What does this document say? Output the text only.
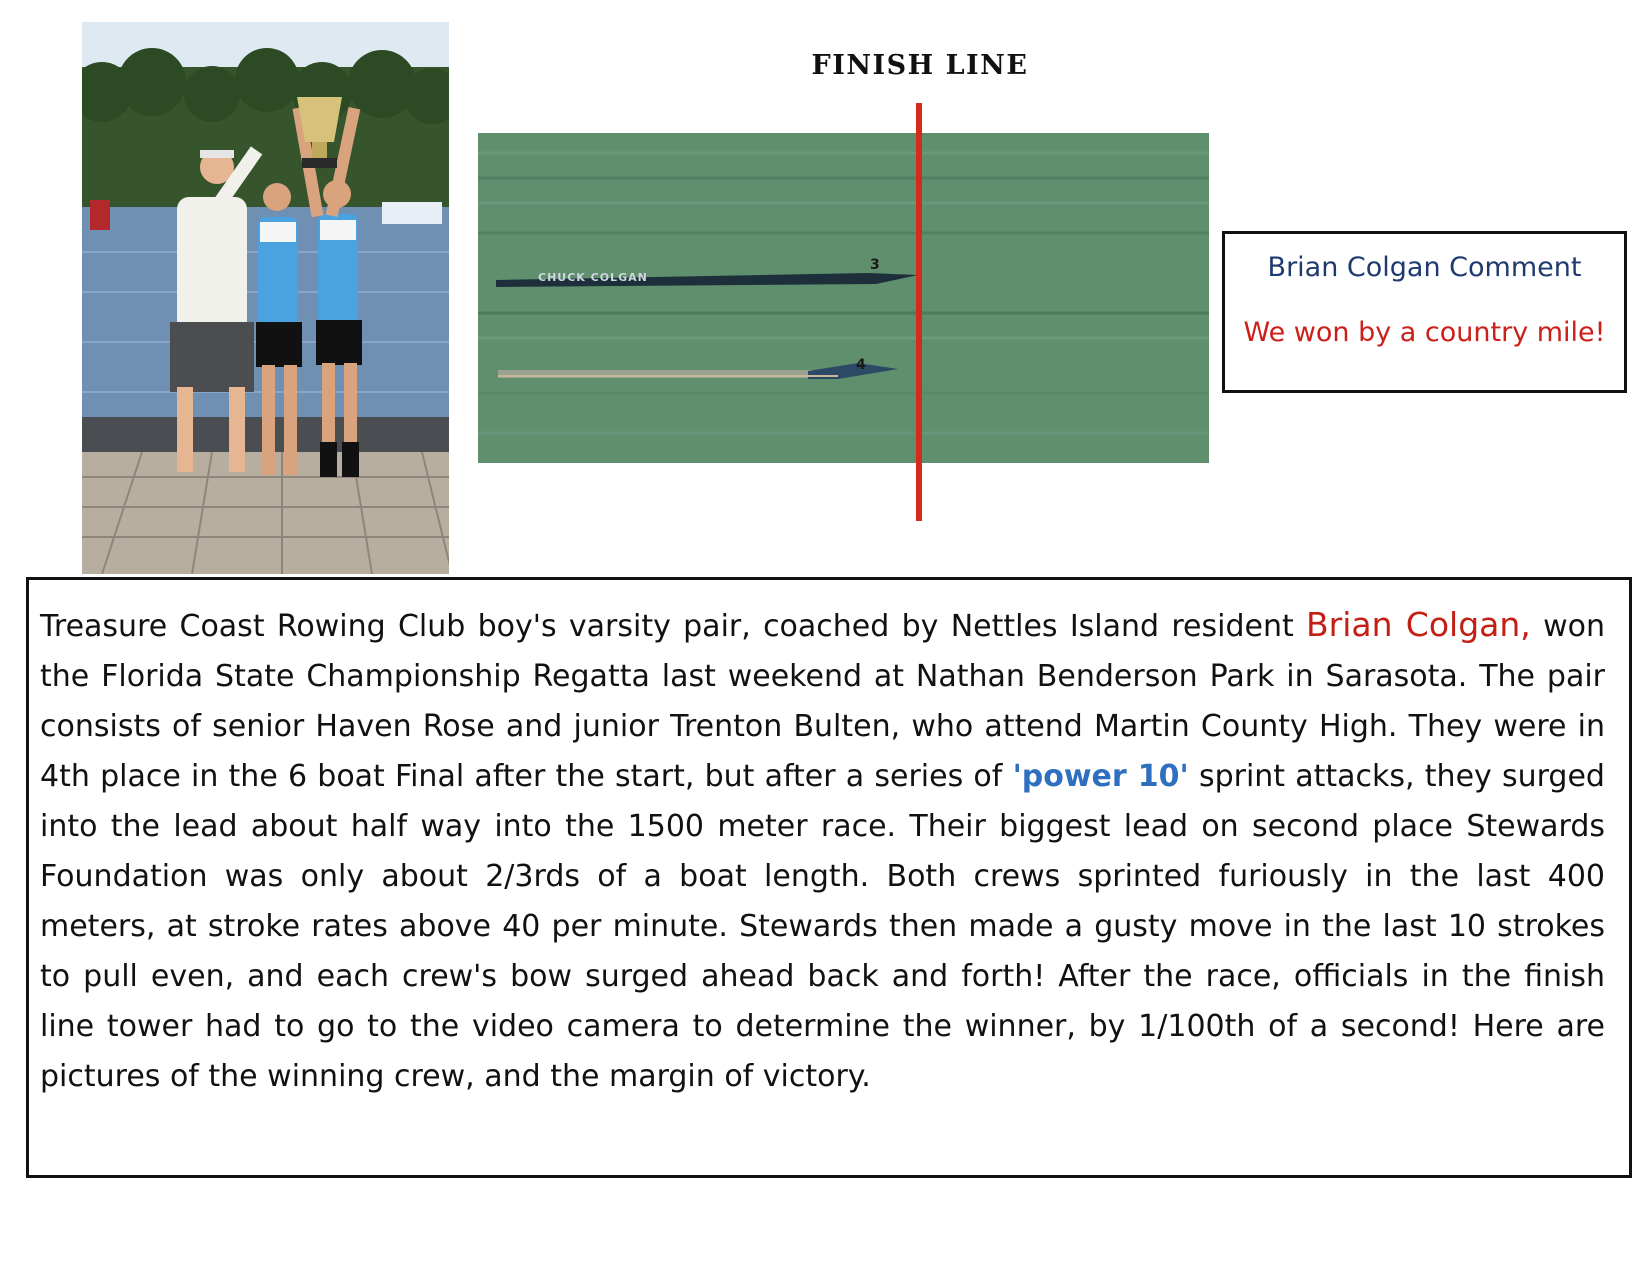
FINISH LINE
CHUCK COLGAN
3
4
Brian Colgan Comment
We won by a country mile!

Treasure Coast Rowing Club boy's varsity pair, coached by Nettles Island resident Brian Colgan, won the Florida State Championship Regatta last weekend at Nathan Benderson Park in Sarasota. The pair consists of senior Haven Rose and junior Trenton Bulten, who attend Martin County High. They were in 4th place in the 6 boat Final after the start, but after a series of 'power 10' sprint attacks, they surged into the lead about half way into the 1500 meter race. Their biggest lead on second place Stewards Foundation was only about 2/3rds of a boat length. Both crews sprinted furiously in the last 400 meters, at stroke rates above 40 per minute. Stewards then made a gusty move in the last 10 strokes to pull even, and each crew's bow surged ahead back and forth! After the race, officials in the finish line tower had to go to the video camera to determine the winner, by 1/100th of a second! Here are pictures of the winning crew, and the margin of victory.
